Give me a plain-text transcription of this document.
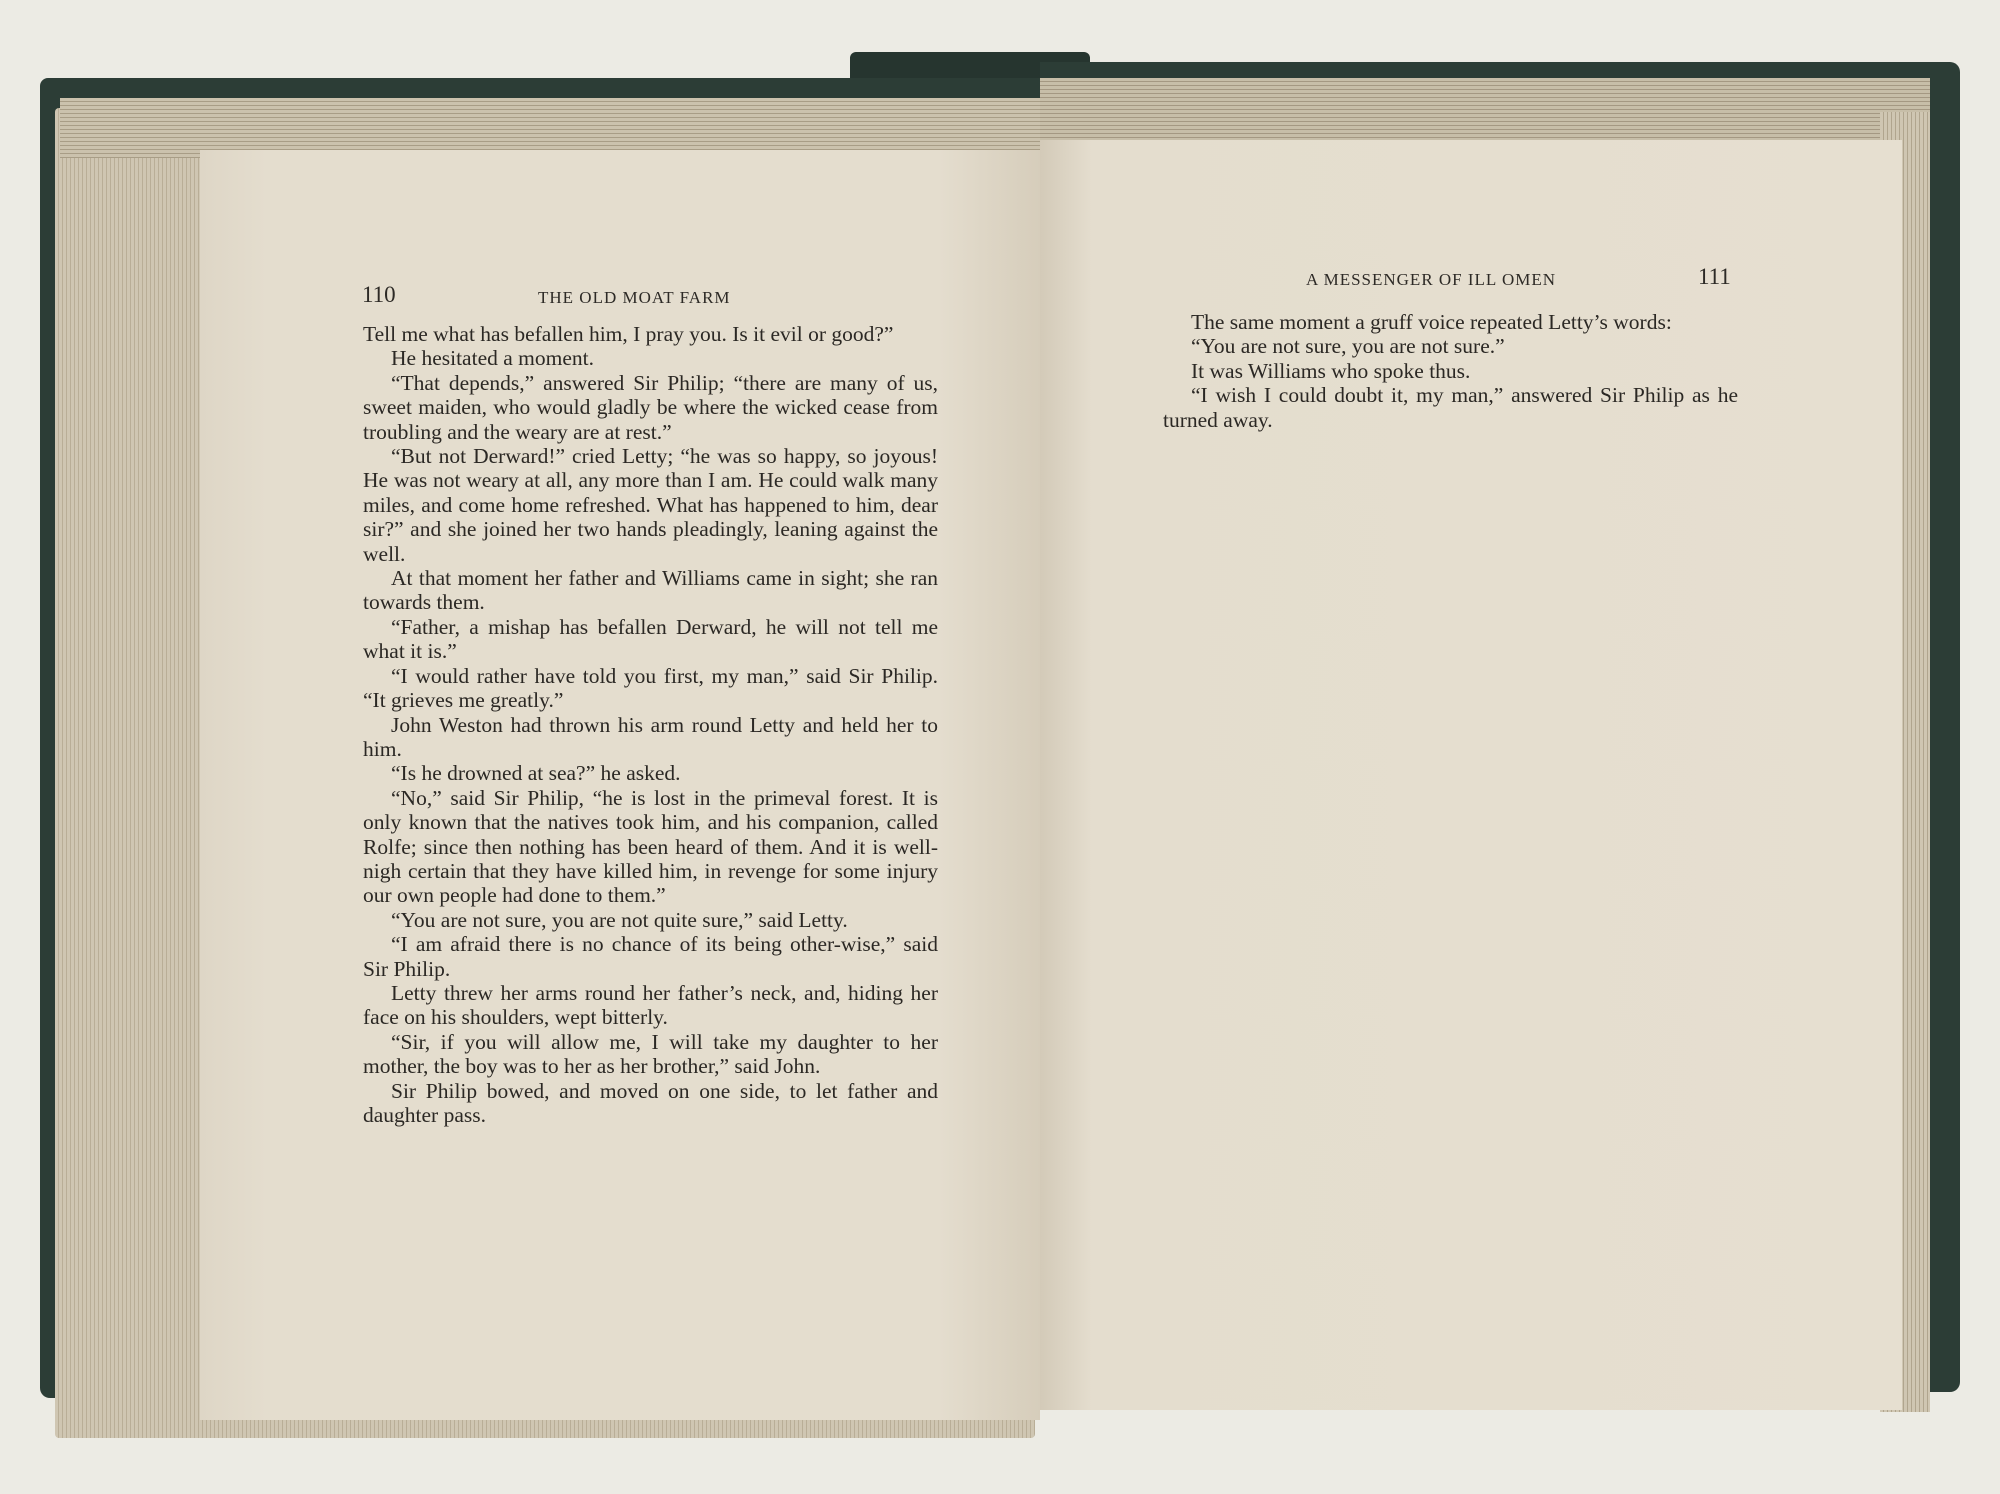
110	THE OLD MOAT FARM

Tell me what has befallen him, I pray you. Is it evil or good?”

He hesitated a moment.

“That depends,” answered Sir Philip; “there are many of us, sweet maiden, who would gladly be where the wicked cease from troubling and the weary are at rest.”

“But not Derward!” cried Letty; “he was so happy, so joyous! He was not weary at all, any more than I am. He could walk many miles, and come home refreshed. What has happened to him, dear sir?” and she joined her two hands pleadingly, leaning against the well.

At that moment her father and Williams came in sight; she ran towards them.

“Father, a mishap has befallen Derward, he will not tell me what it is.”

“I would rather have told you first, my man,” said Sir Philip. “It grieves me greatly.”

John Weston had thrown his arm round Letty and held her to him.

“Is he drowned at sea?” he asked.

“No,” said Sir Philip, “he is lost in the primeval forest. It is only known that the natives took him, and his companion, called Rolfe; since then nothing has been heard of them. And it is well-nigh certain that they have killed him, in revenge for some injury our own people had done to them.”

“You are not sure, you are not quite sure,” said Letty.

“I am afraid there is no chance of its being other-wise,” said Sir Philip.

Letty threw her arms round her father’s neck, and, hiding her face on his shoulders, wept bitterly.

“Sir, if you will allow me, I will take my daughter to her mother, the boy was to her as her brother,” said John.

Sir Philip bowed, and moved on one side, to let father and daughter pass.

A MESSENGER OF ILL OMEN	111

The same moment a gruff voice repeated Letty’s words:

“You are not sure, you are not sure.”

It was Williams who spoke thus.

“I wish I could doubt it, my man,” answered Sir Philip as he turned away.
